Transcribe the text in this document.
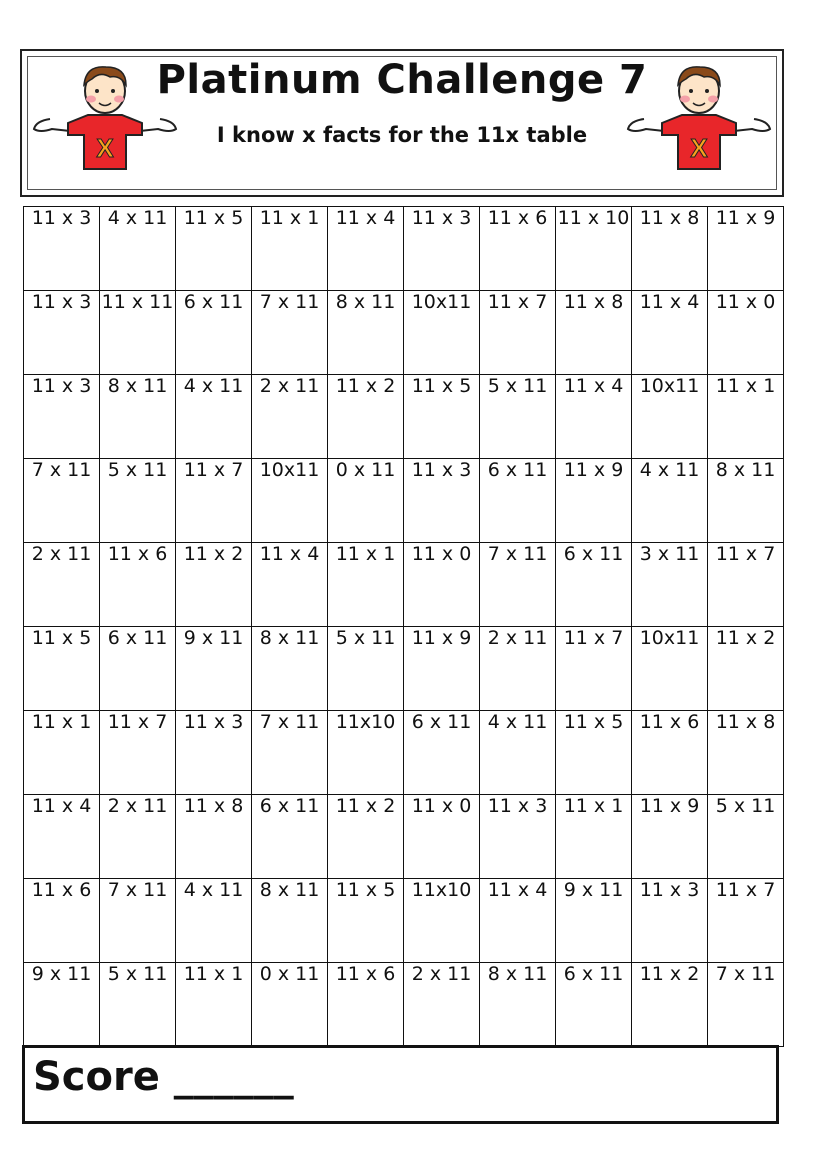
X	X
Platinum Challenge 7
I know x facts for the 11x table
11 x 3	4 x 11	11 x 5	11 x 1	11 x 4	11 x 3	11 x 6	11 x 10	11 x 8	11 x 9
11 x 3	11 x 11	6 x 11	7 x 11	8 x 11	10x11	11 x 7	11 x 8	11 x 4	11 x 0
11 x 3	8 x 11	4 x 11	2 x 11	11 x 2	11 x 5	5 x 11	11 x 4	10x11	11 x 1
7 x 11	5 x 11	11 x 7	10x11	0 x 11	11 x 3	6 x 11	11 x 9	4 x 11	8 x 11
2 x 11	11 x 6	11 x 2	11 x 4	11 x 1	11 x 0	7 x 11	6 x 11	3 x 11	11 x 7
11 x 5	6 x 11	9 x 11	8 x 11	5 x 11	11 x 9	2 x 11	11 x 7	10x11	11 x 2
11 x 1	11 x 7	11 x 3	7 x 11	11x10	6 x 11	4 x 11	11 x 5	11 x 6	11 x 8
11 x 4	2 x 11	11 x 8	6 x 11	11 x 2	11 x 0	11 x 3	11 x 1	11 x 9	5 x 11
11 x 6	7 x 11	4 x 11	8 x 11	11 x 5	11x10	11 x 4	9 x 11	11 x 3	11 x 7
9 x 11	5 x 11	11 x 1	0 x 11	11 x 6	2 x 11	8 x 11	6 x 11	11 x 2	7 x 11
Score ______
